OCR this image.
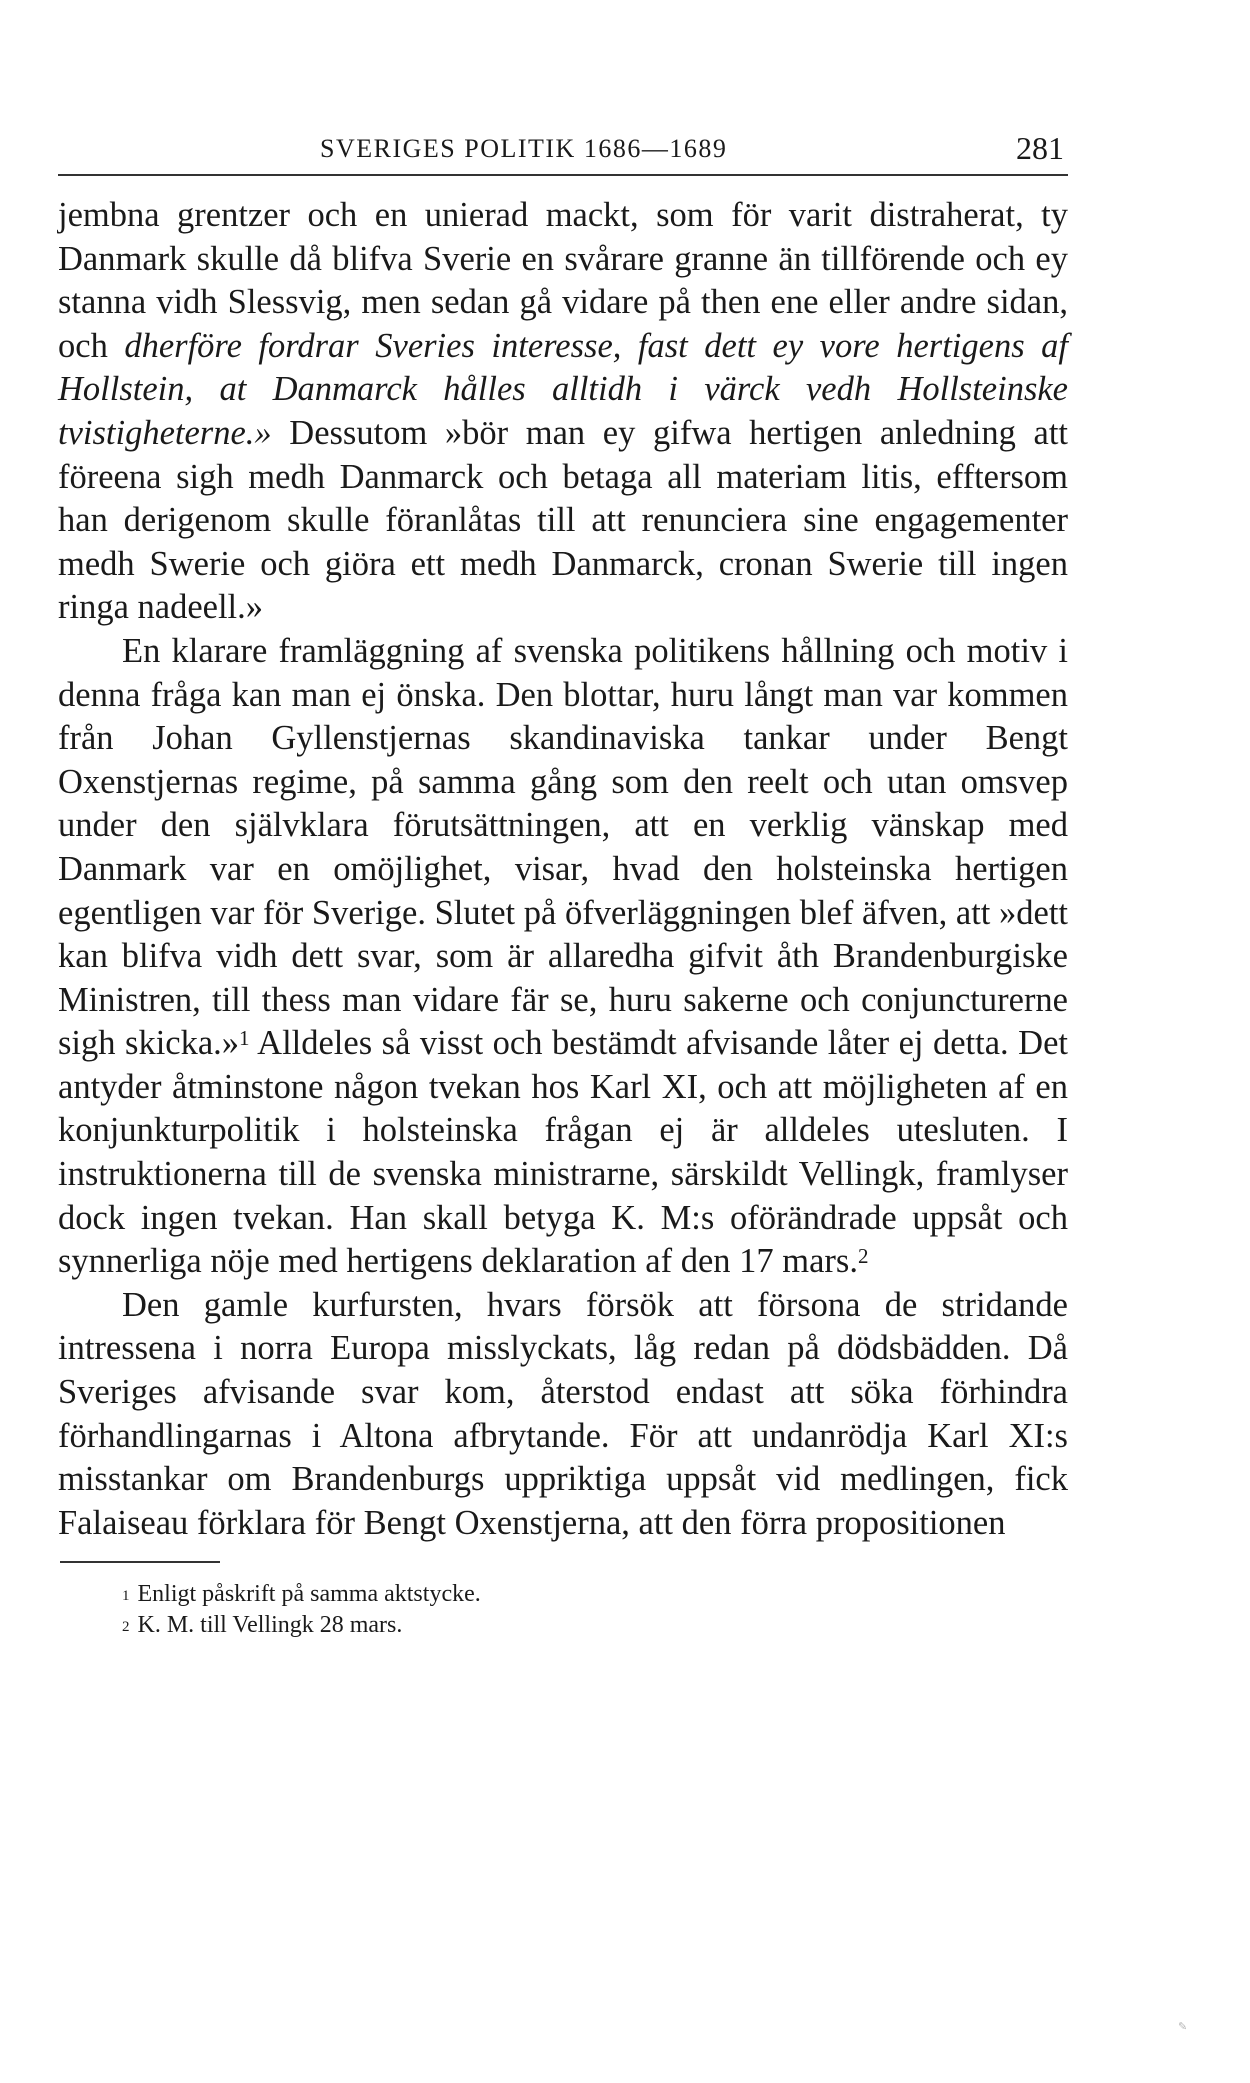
SVERIGES POLITIK 1686—1689	281

jembna grentzer och en unierad mackt, som för varit distraherat, ty Danmark skulle då blifva Sverie en svårare granne än tillförende och ey stanna vidh Slessvig, men sedan gå vidare på then ene eller andre sidan, och dherföre fordrar Sveries interesse, fast dett ey vore hertigens af Hollstein, at Danmarck hålles alltidh i värck vedh Hollsteinske tvistigheterne.» Dessutom »bör man ey gifwa hertigen anledning att föreena sigh medh Danmarck och betaga all materiam litis, efftersom han derigenom skulle föranlåtas till att renunciera sine engagementer medh Swerie och giöra ett medh Danmarck, cronan Swerie till ingen ringa nadeell.»

En klarare framläggning af svenska politikens hållning och motiv i denna fråga kan man ej önska. Den blottar, huru långt man var kommen från Johan Gyllenstjernas skandinaviska tankar under Bengt Oxenstjernas regime, på samma gång som den reelt och utan omsvep under den självklara förutsättningen, att en verklig vänskap med Danmark var en omöjlighet, visar, hvad den holsteinska hertigen egentligen var för Sverige. Slutet på öfverläggningen blef äfven, att »dett kan blifva vidh dett svar, som är allaredha gifvit åth Brandenburgiske Ministren, till thess man vidare fär se, huru sakerne och conjuncturerne sigh skicka.»$^1$ Alldeles så visst och bestämdt afvisande låter ej detta. Det antyder åtminstone någon tvekan hos Karl XI, och att möjligheten af en konjunkturpolitik i holsteinska frågan ej är alldeles utesluten. I instruktionerna till de svenska ministrarne, särskildt Vellingk, framlyser dock ingen tvekan. Han skall betyga K. M:s oförändrade uppsåt och synnerliga nöje med hertigens deklaration af den 17 mars.$^2$

Den gamle kurfursten, hvars försök att försona de stridande intressena i norra Europa misslyckats, låg redan på dödsbädden. Då Sveriges afvisande svar kom, återstod endast att söka förhindra förhandlingarnas i Altona afbrytande. För att undanrödja Karl XI:s misstankar om Brandenburgs uppriktiga uppsåt vid medlingen, fick Falaiseau förklara för Bengt Oxenstjerna, att den förra propositionen

$^1$ Enligt påskrift på samma aktstycke.
$^2$ K. M. till Vellingk 28 mars.
✎
